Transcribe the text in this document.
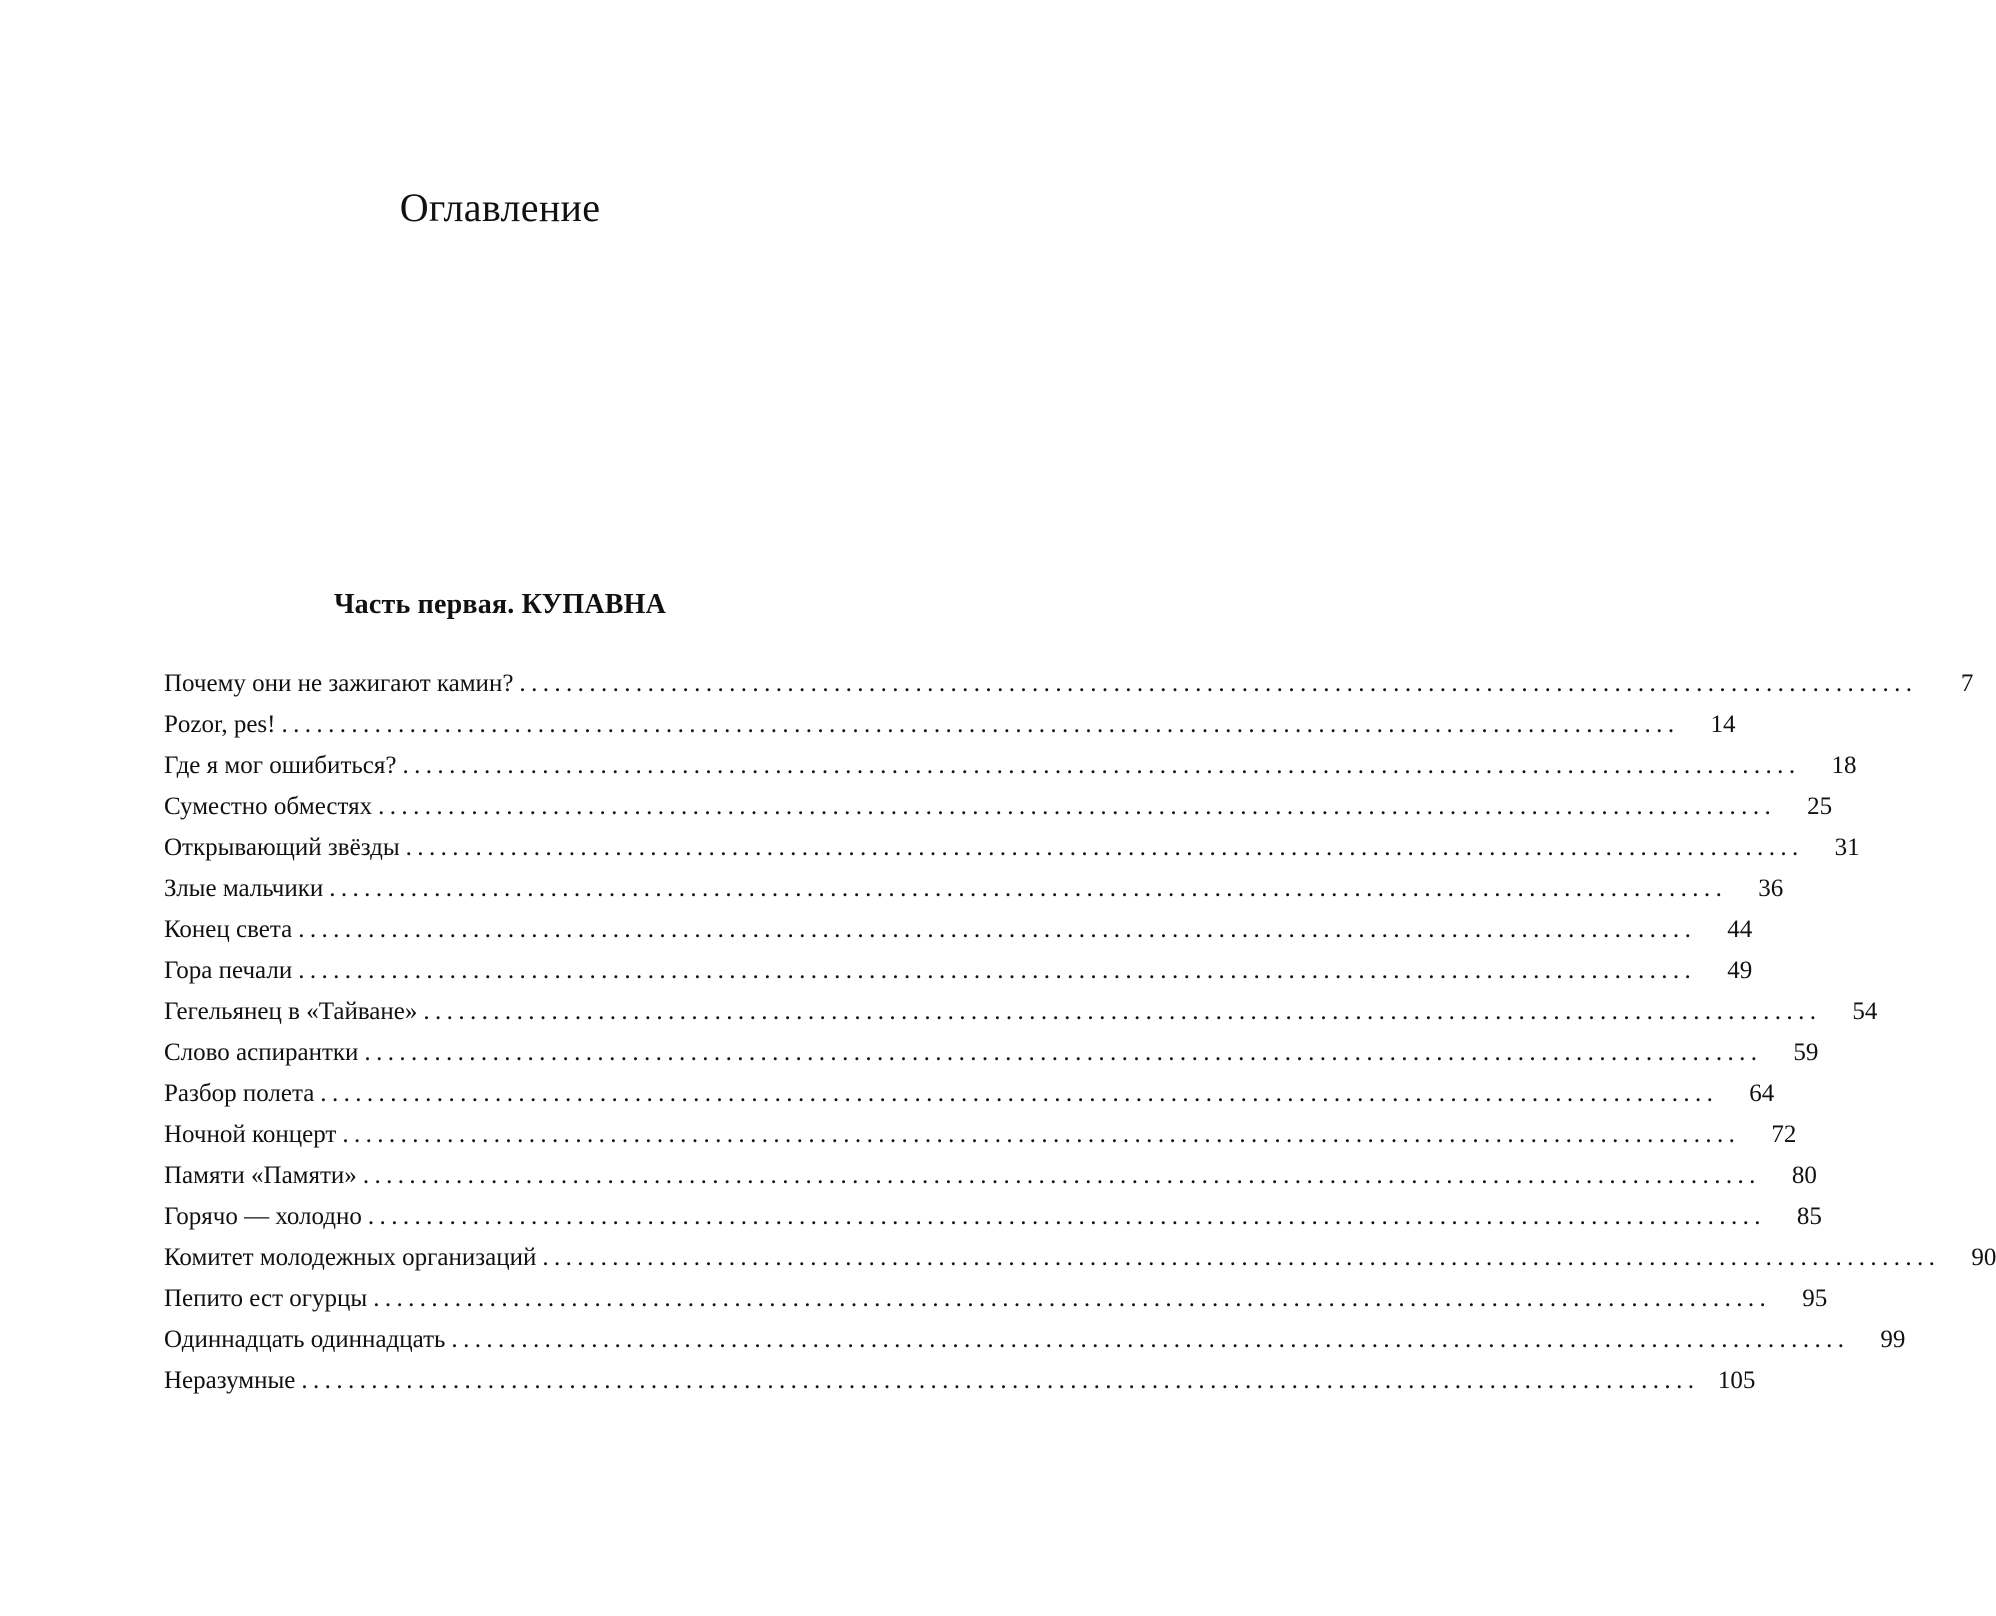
Оглавление
Часть первая. КУПАВНА
Почему они не зажигают камин? ........................................................................................................................	7
Pozor, pes! ........................................................................................................................	14
Где я мог ошибиться? ........................................................................................................................	18
Суместно обместях ........................................................................................................................	25
Открывающий звёзды ........................................................................................................................	31
Злые мальчики ........................................................................................................................	36
Конец света ........................................................................................................................	44
Гора печали ........................................................................................................................	49
Гегельянец в «Тайване» ........................................................................................................................	54
Слово аспирантки ........................................................................................................................	59
Разбор полета ........................................................................................................................	64
Ночной концерт ........................................................................................................................	72
Памяти «Памяти» ........................................................................................................................	80
Горячо — холодно ........................................................................................................................	85
Комитет молодежных организаций ........................................................................................................................	90
Пепито ест огурцы ........................................................................................................................	95
Одиннадцать одиннадцать ........................................................................................................................	99
Неразумные ........................................................................................................................ 105
